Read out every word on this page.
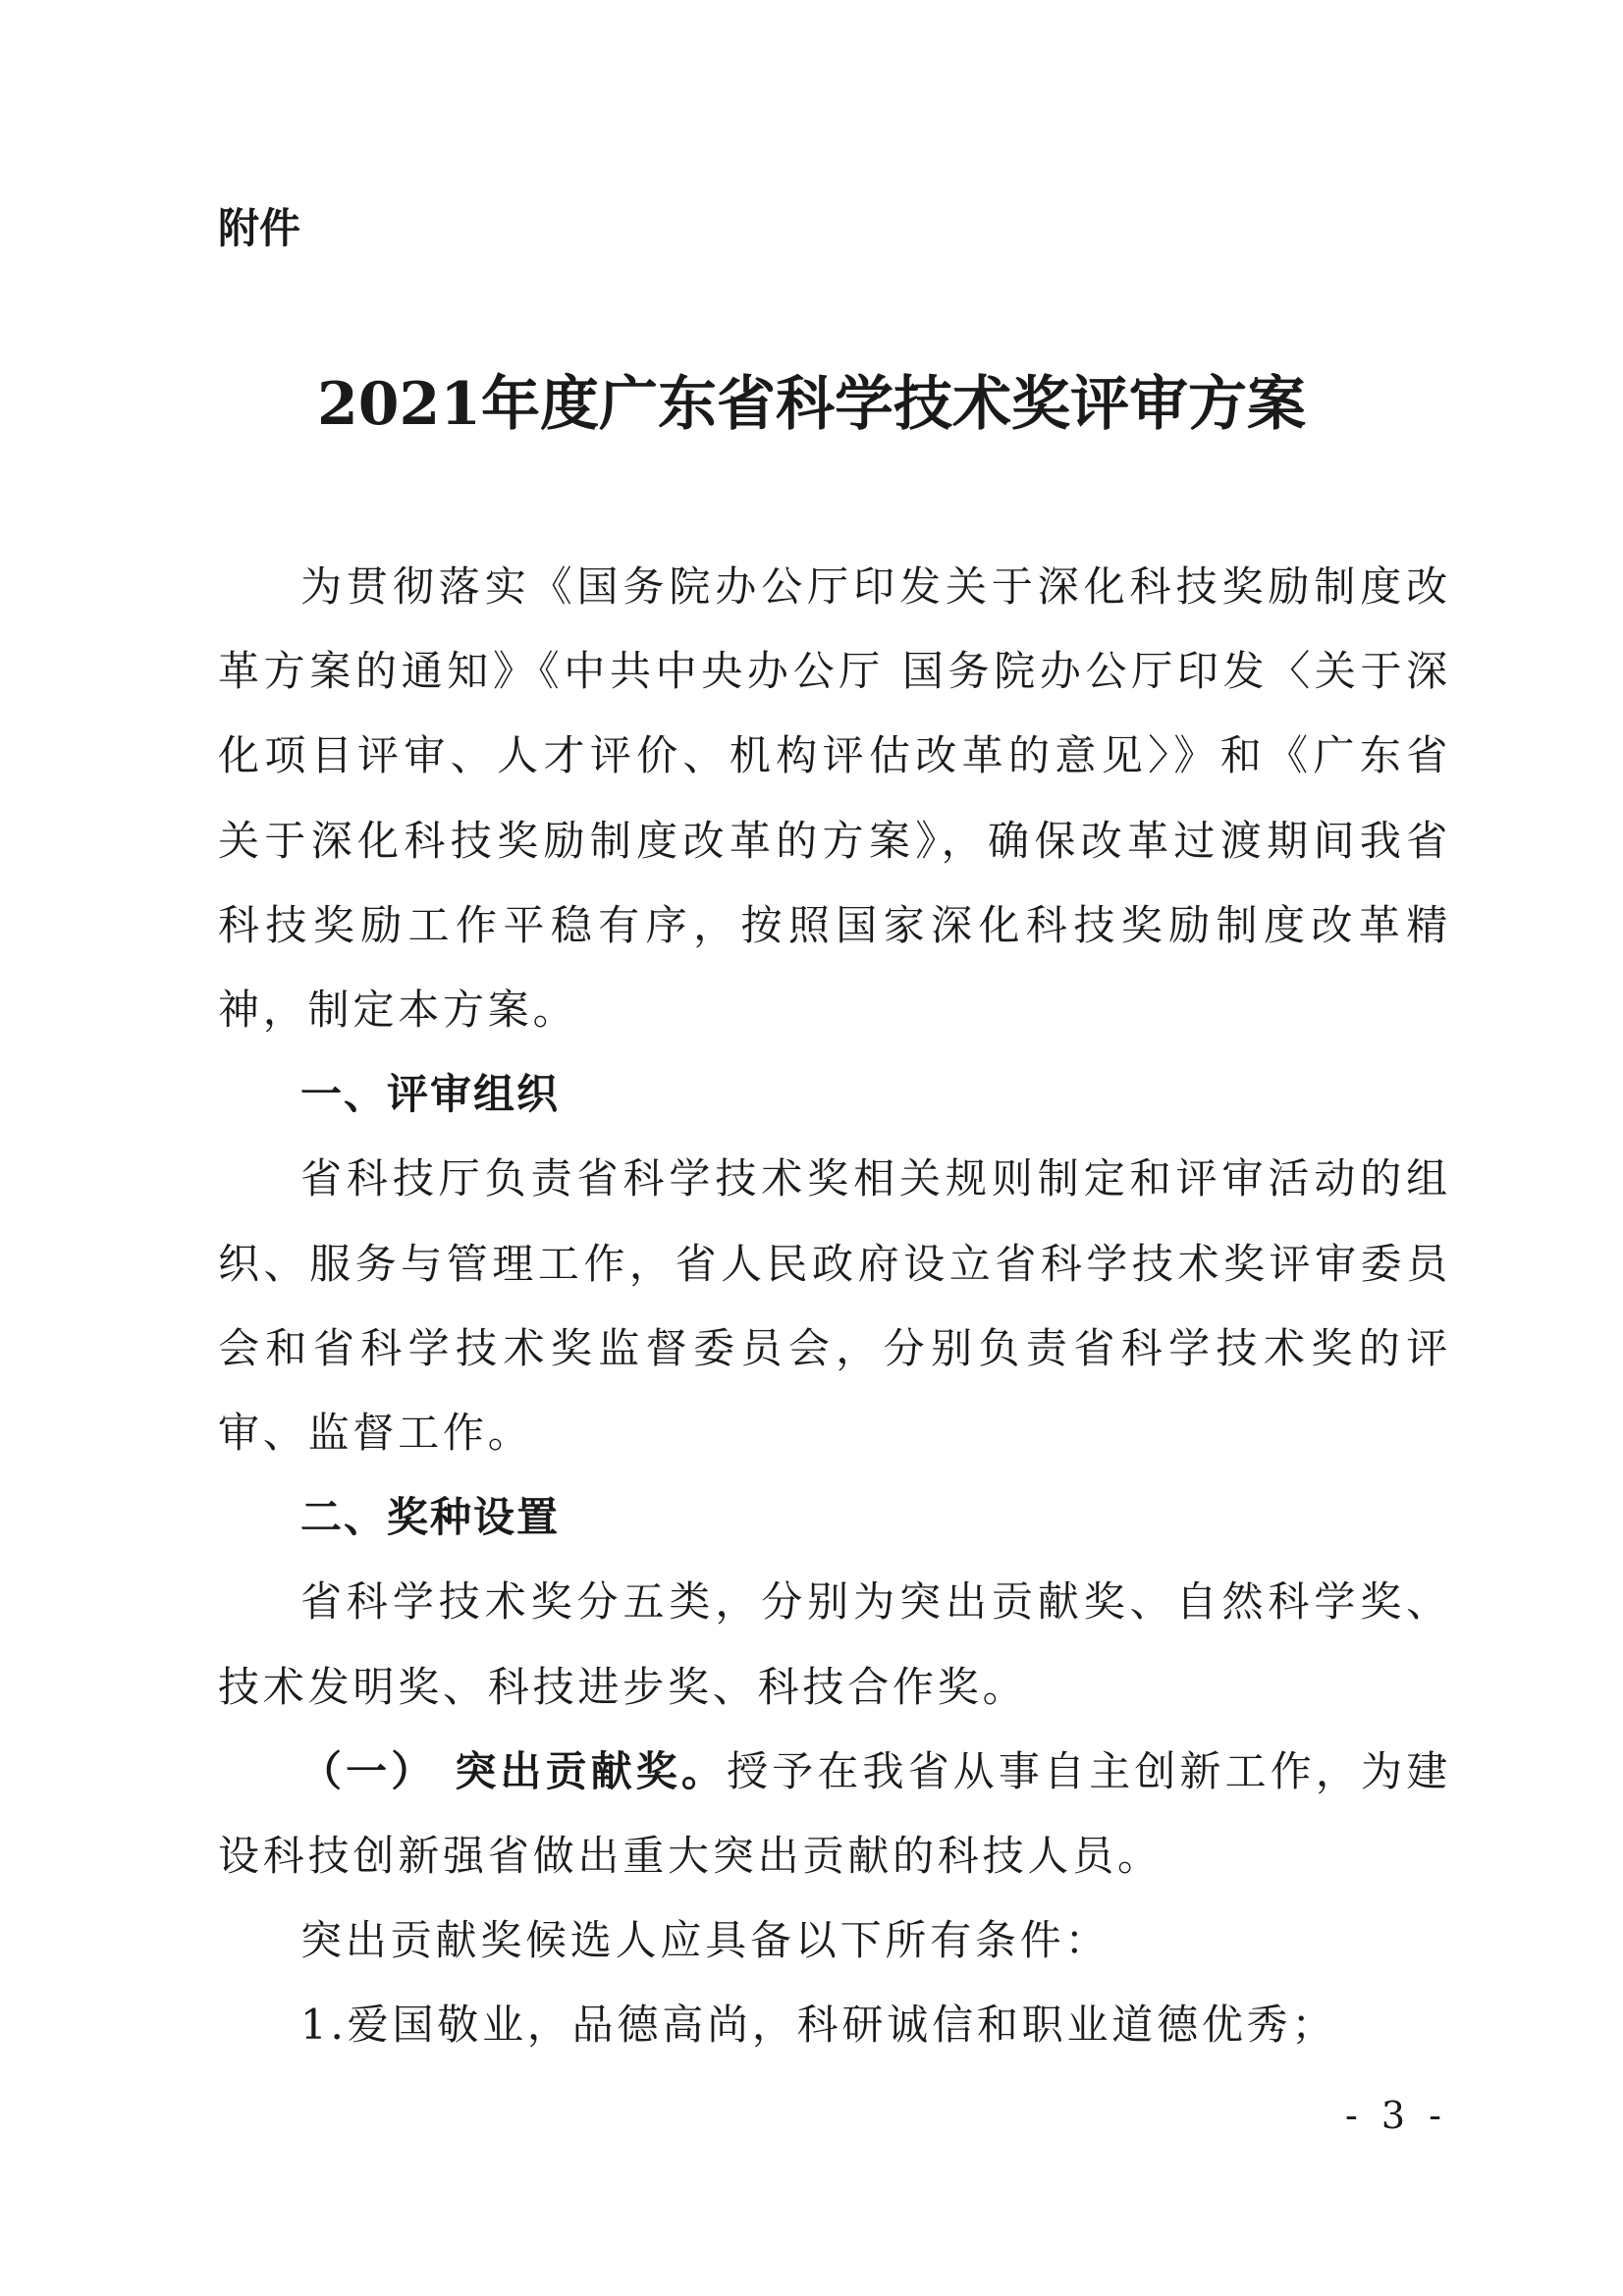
附件
2021年度广东省科学技术奖评审方案

为贯彻落实《国务院办公厅印发关于深化科技奖励制度改革方案的通知》《中共中央办公厅 国务院办公厅印发〈关于深化项目评审、人才评价、机构评估改革的意见〉》和《广东省关于深化科技奖励制度改革的方案》，确保改革过渡期间我省科技奖励工作平稳有序，按照国家深化科技奖励制度改革精神，制定本方案。

一、评审组织

省科技厅负责省科学技术奖相关规则制定和评审活动的组织、服务与管理工作，省人民政府设立省科学技术奖评审委员会和省科学技术奖监督委员会，分别负责省科学技术奖的评审、监督工作。

二、奖种设置

省科学技术奖分五类，分别为突出贡献奖、自然科学奖、技术发明奖、科技进步奖、科技合作奖。

（一） 突出贡献奖。授予在我省从事自主创新工作，为建设科技创新强省做出重大突出贡献的科技人员。

突出贡献奖候选人应具备以下所有条件：

1.爱国敬业，品德高尚，科研诚信和职业道德优秀；

- 3 -
